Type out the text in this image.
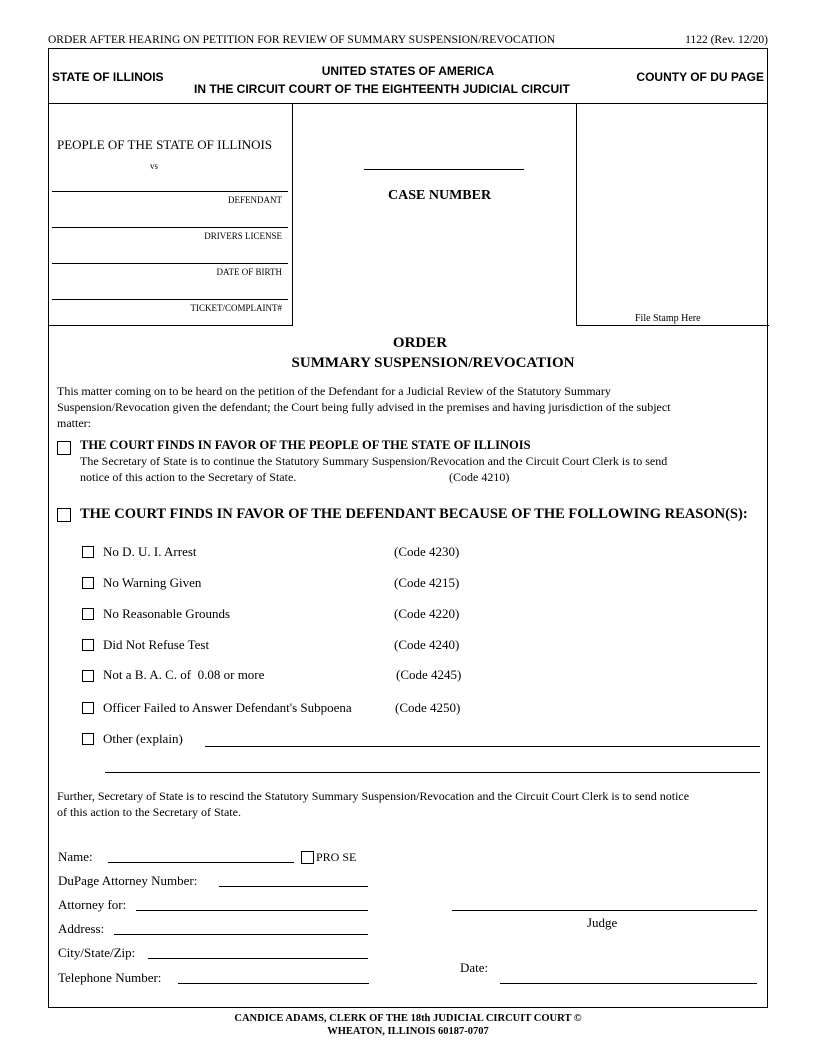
ORDER AFTER HEARING ON PETITION FOR REVIEW OF SUMMARY SUSPENSION/REVOCATION	1122 (Rev. 12/20)
STATE OF ILLINOIS	UNITED STATES OF AMERICA
IN THE CIRCUIT COURT OF THE EIGHTEENTH JUDICIAL CIRCUIT
COUNTY OF DU PAGE
PEOPLE OF THE STATE OF ILLINOIS
vs
DEFENDANT
DRIVERS LICENSE
DATE OF BIRTH
TICKET/COMPLAINT#
CASE NUMBER
File Stamp Here
ORDER
SUMMARY SUSPENSION/REVOCATION
This matter coming on to be heard on the petition of the Defendant for a Judicial Review of the Statutory Summary
Suspension/Revocation given the defendant; the Court being fully advised in the premises and having jurisdiction of the subject
matter:
THE COURT FINDS IN FAVOR OF THE PEOPLE OF THE STATE OF ILLINOIS
The Secretary of State is to continue the Statutory Summary Suspension/Revocation and the Circuit Court Clerk is to send
notice of this action to the Secretary of State.	(Code 4210)
THE COURT FINDS IN FAVOR OF THE DEFENDANT BECAUSE OF THE FOLLOWING REASON(S):
No D. U. I. Arrest	(Code 4230)
No Warning Given	(Code 4215)
No Reasonable Grounds	(Code 4220)
Did Not Refuse Test	(Code 4240)
Not a B. A. C. of  0.08 or more	(Code 4245)
Officer Failed to Answer Defendant's Subpoena	(Code 4250)
Other (explain)
Further, Secretary of State is to rescind the Statutory Summary Suspension/Revocation and the Circuit Court Clerk is to send notice
of this action to the Secretary of State.
Name:	PRO SE
DuPage Attorney Number:
Attorney for:
Address:
City/State/Zip:
Telephone Number:
Judge
Date:
CANDICE ADAMS, CLERK OF THE 18th JUDICIAL CIRCUIT COURT ©
WHEATON, ILLINOIS 60187-0707
